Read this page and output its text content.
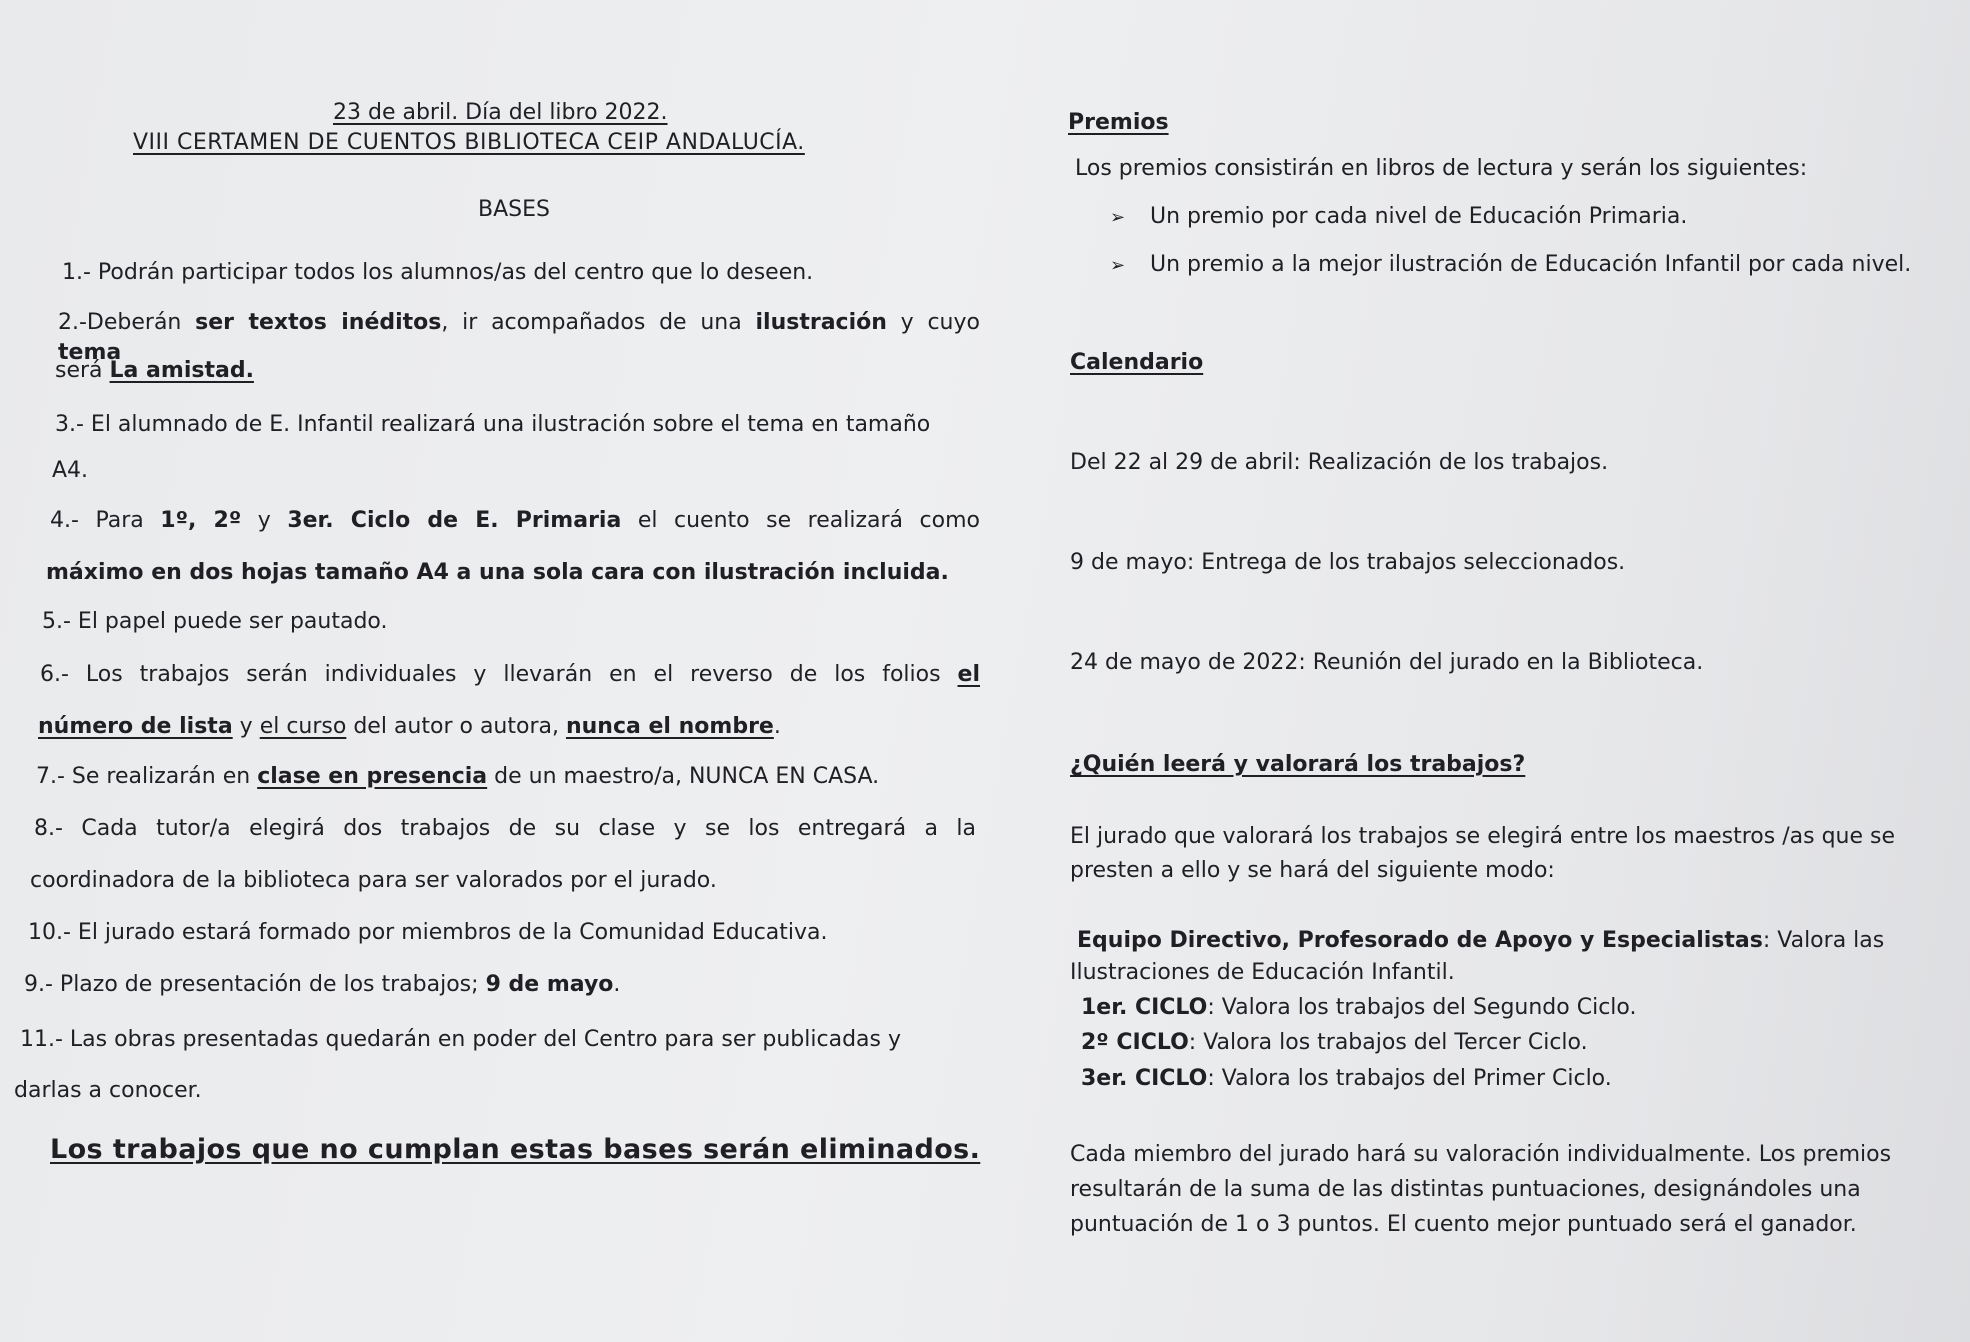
23 de abril. Día del libro 2022.
VIII CERTAMEN DE CUENTOS BIBLIOTECA CEIP ANDALUCÍA.
BASES
1.- Podrán participar todos los alumnos/as del centro que lo deseen.
2.-Deberán ser textos inéditos, ir acompañados de una ilustración y cuyo tema
será La amistad.
3.- El alumnado de E. Infantil realizará una ilustración sobre el tema en tamaño
A4.
4.- Para 1º, 2º y 3er. Ciclo de E. Primaria el cuento se realizará como
máximo en dos hojas tamaño A4 a una sola cara con ilustración incluida.
5.- El papel puede ser pautado.
6.- Los trabajos serán individuales y llevarán en el reverso de los folios el
número de lista y el curso del autor o autora, nunca el nombre.
7.- Se realizarán en clase en presencia de un maestro/a, NUNCA EN CASA.
8.- Cada tutor/a elegirá dos trabajos de su clase y se los entregará a la
coordinadora de la biblioteca para ser valorados por el jurado.
10.- El jurado estará formado por miembros de la Comunidad Educativa.
9.- Plazo de presentación de los trabajos; 9 de mayo.
11.- Las obras presentadas quedarán en poder del Centro para ser publicadas y
darlas a conocer.
Los trabajos que no cumplan estas bases serán eliminados.
Premios
Los premios consistirán en libros de lectura y serán los siguientes:
➢ Un premio por cada nivel de Educación Primaria.
➢ Un premio a la mejor ilustración de Educación Infantil por cada nivel.
Calendario
Del 22 al 29 de abril: Realización de los trabajos.
9 de mayo: Entrega de los trabajos seleccionados.
24 de mayo de 2022: Reunión del jurado en la Biblioteca.
¿Quién leerá y valorará los trabajos?
El jurado que valorará los trabajos se elegirá entre los maestros /as que se
presten a ello y se hará del siguiente modo:
Equipo Directivo, Profesorado de Apoyo y Especialistas: Valora las
Ilustraciones de Educación Infantil.
1er. CICLO: Valora los trabajos del Segundo Ciclo.
2º CICLO: Valora los trabajos del Tercer Ciclo.
3er. CICLO: Valora los trabajos del Primer Ciclo.
Cada miembro del jurado hará su valoración individualmente. Los premios
resultarán de la suma de las distintas puntuaciones, designándoles una
puntuación de 1 o 3 puntos. El cuento mejor puntuado será el ganador.
